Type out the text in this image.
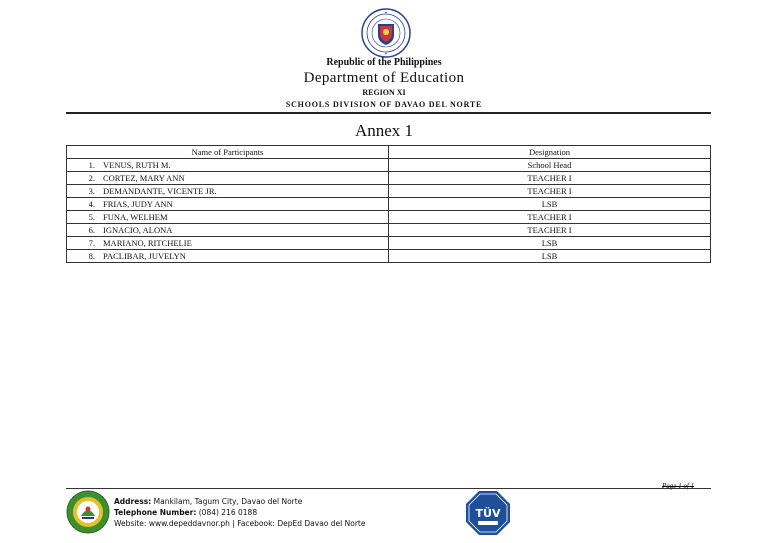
Republic of the Philippines
Department of Education
REGION XI
SCHOOLS DIVISION OF DAVAO DEL NORTE
Annex 1
Name of Participants	Designation
1. VENUS, RUTH M.	School Head
2. CORTEZ, MARY ANN	TEACHER I
3. DEMANDANTE, VICENTE JR.	TEACHER I
4. FRIAS, JUDY ANN	LSB
5. FUNA, WELHEM	TEACHER I
6. IGNACIO, ALONA	TEACHER I
7. MARIANO, RITCHELIE	LSB
8. PACLIBAR, JUVELYN	LSB
Page 1 of 1
Address: Mankilam, Tagum City, Davao del Norte
Telephone Number: (084) 216 0188
Website: www.depeddavnor.ph | Facebook: DepEd Davao del Norte
TÜV
